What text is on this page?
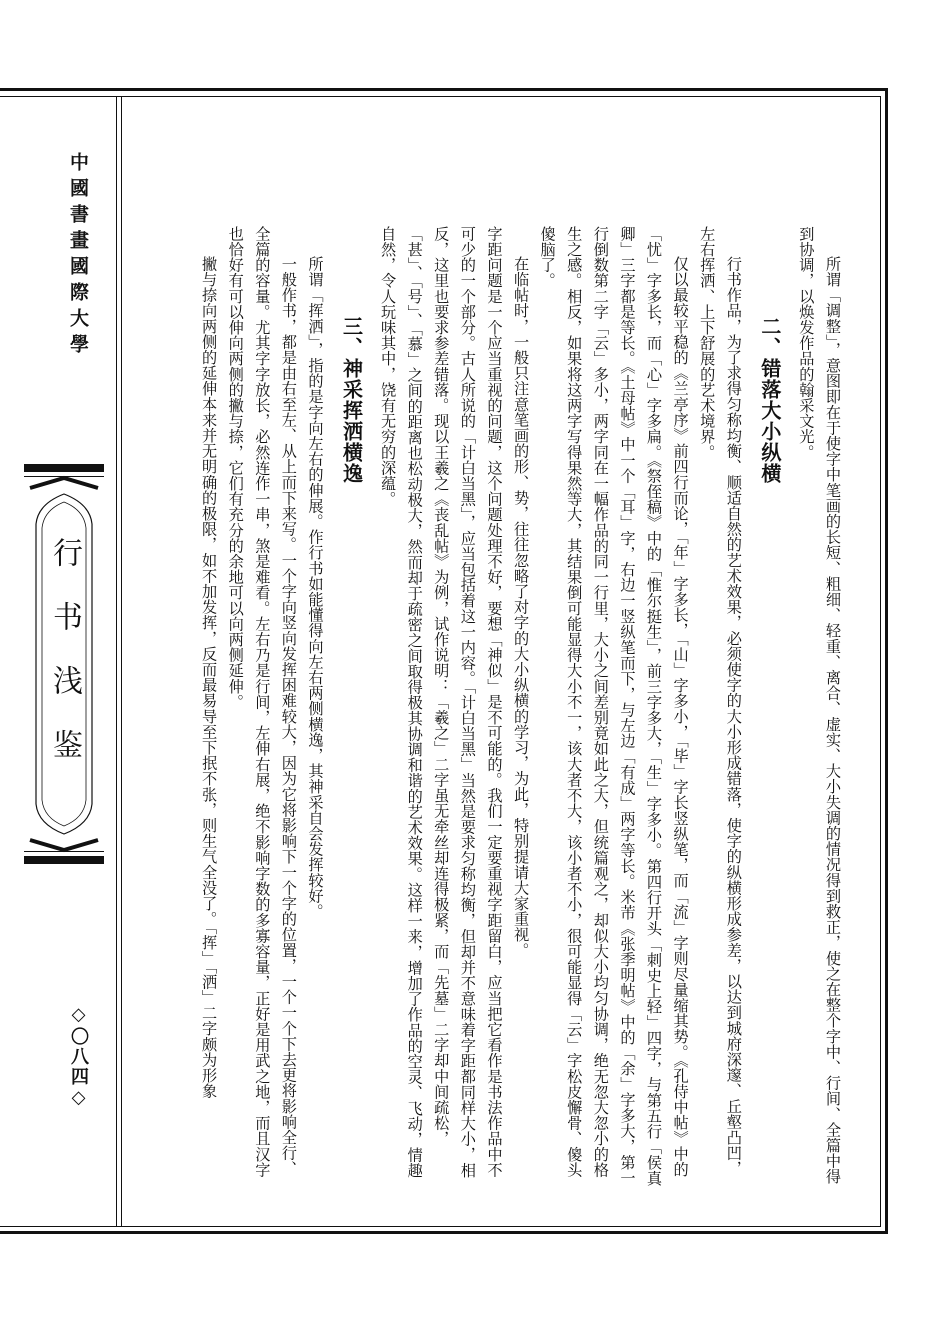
中國書畫國際大學
行书浅鉴
◇〇八四◇	所谓「调整」，意图即在于使字中笔画的长短、粗细、轻重、离合、虚实、大小失调的情况得到救正，使之在整个字中、行间、全篇中得到协调，以焕发作品的翰采文光。

二、错落大小纵横

行书作品，为了求得匀称均衡、顺适自然的艺术效果，必须使字的大小形成错落，使字的纵横形成参差，以达到城府深邃、丘壑凸凹，左右挥洒、上下舒展的艺术境界。

仅以最较平稳的《兰亭序》前四行而论，「年」字多长，「山」字多小，「毕」字长竖纵笔，而「流」字则尽量缩其势。《孔侍中帖》中的「忧」字多长，而「心」字多扁。《祭侄稿》中的「惟尔挺生」，前三字多大，「生」字多小。第四行开头「刺史上轻」四字，与第五行「侯真卿」三字都是等长。《土母帖》中一个「耳」字，右边一竖纵笔而下，与左边「有成」两字等长。米芾《张季明帖》中的「余」字多大，第一行倒数第二字「云」多小，两字同在一幅作品的同一行里，大小之间差别竟如此之大，但统篇观之，却似大小均匀协调，绝无忽大忽小的格生之感。相反，如果将这两字写得果然等大，其结果倒可能显得大小不一，该大者不大，该小者不小，很可能显得「云」字松皮懈骨、傻头傻脑了。

在临帖时，一般只注意笔画的形、势，往往忽略了对字的大小纵横的学习，为此，特别提请大家重视。

字距问题是一个应当重视的问题，这个问题处理不好，要想「神似」是不可能的。我们一定要重视字距留白，应当把它看作是书法作品中不可少的一个部分。古人所说的「计白当黑」，应当包括着这一内容。「计白当黑」当然是要求匀称均衡，但却并不意味着字距都同样大小，相反，这里也要求参差错落。现以王羲之《丧乱帖》为例，试作说明：「羲之」二字虽无牵丝却连得极紧，而「先墓」二字却中间疏松，「甚」、「号」、「慕」之间的距离也松动极大，然而却于疏密之间取得极其协调和谐的艺术效果。这样一来，增加了作品的空灵、飞动，情趣自然，令人玩味其中，饶有无穷的深蕴。

三、神采挥洒横逸

所谓「挥洒」，指的是字向左右的伸展。作行书如能懂得向左右两侧横逸，其神采自会发挥较好。

一般作书，都是由右至左、从上而下来写。一个字向竖向发挥困难较大，因为它将影响下一个字的位置，一个一个下去更将影响全行、全篇的容量。尤其字字放长，必然连作一串，煞是难看。左右乃是行间，左伸右展，绝不影响字数的多寡容量，正好是用武之地，而且汉字也恰好有可以伸向两侧的撇与捺，它们有充分的余地可以向两侧延伸。

撇与捺向两侧的延伸本来并无明确的极限，如不加发挥，反而最易导至下抿不张，则生气全没了。「挥」「洒」二字颇为形象
